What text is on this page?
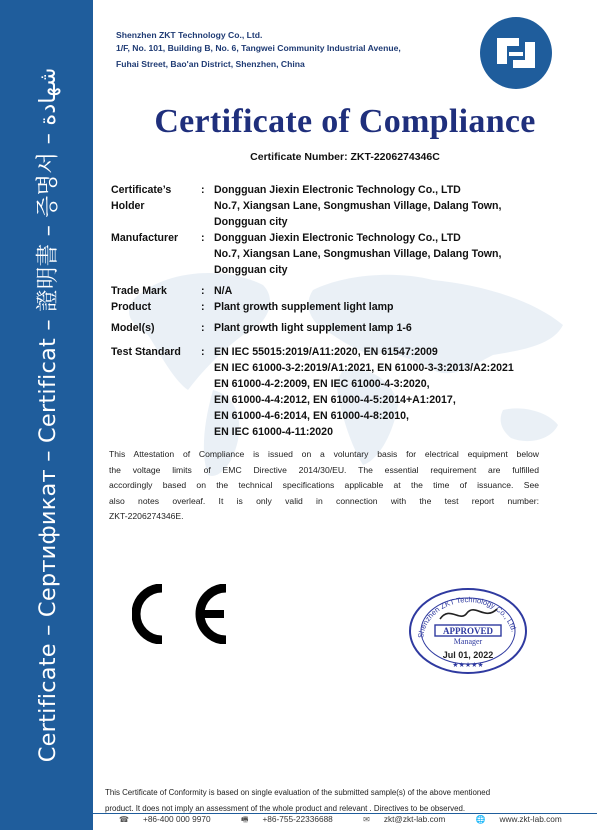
Certificate – Сертификат – Certificat – 證明書 – 증명서 – شهادة
Shenzhen ZKT Technology Co., Ltd.
1/F, No. 101, Building B, No. 6, Tangwei Community Industrial Avenue,
Fuhai Street, Bao'an District, Shenzhen, China
Certificate of Compliance
Certificate Number: ZKT-2206274346C
Certificate’s
Holder
: Dongguan Jiexin Electronic Technology Co., LTD
No.7, Xiangsan Lane, Songmushan Village, Dalang Town,
Dongguan city
Manufacturer : Dongguan Jiexin Electronic Technology Co., LTD
No.7, Xiangsan Lane, Songmushan Village, Dalang Town,
Dongguan city
Trade Mark	: N/A
Product	: Plant growth supplement light lamp
Model(s)	: Plant growth light supplement lamp 1-6
Test Standard : EN IEC 55015:2019/A11:2020, EN 61547:2009
EN IEC 61000-3-2:2019/A1:2021, EN 61000-3-3:2013/A2:2021
EN 61000-4-2:2009, EN IEC 61000-4-3:2020,
EN 61000-4-4:2012, EN 61000-4-5:2014+A1:2017,
EN 61000-4-6:2014, EN 61000-4-8:2010,
EN IEC 61000-4-11:2020
This Attestation of Compliance is issued on a voluntary basis for electrical equipment below
the voltage limits of EMC Directive 2014/30/EU. The essential requirement are fulfilled
accordingly based on the technical specifications applicable at the time of issuance. See
also notes overleaf. It is only valid in connection with the test report number:
ZKT-2206274346E.
Shenzhen ZKT Technology Co., Ltd.
APPROVED
Manager
Jul 01, 2022
★★★★★
This Certificate of Conformity is based on single evaluation of the submitted sample(s) of the above mentioned
product. It does not imply an assessment of the whole product and relevant . Directives to be observed.
☎ +86-400 000 9970	🖷 +86-755-22336688	✉ zkt@zkt-lab.com	🌐 www.zkt-lab.com
